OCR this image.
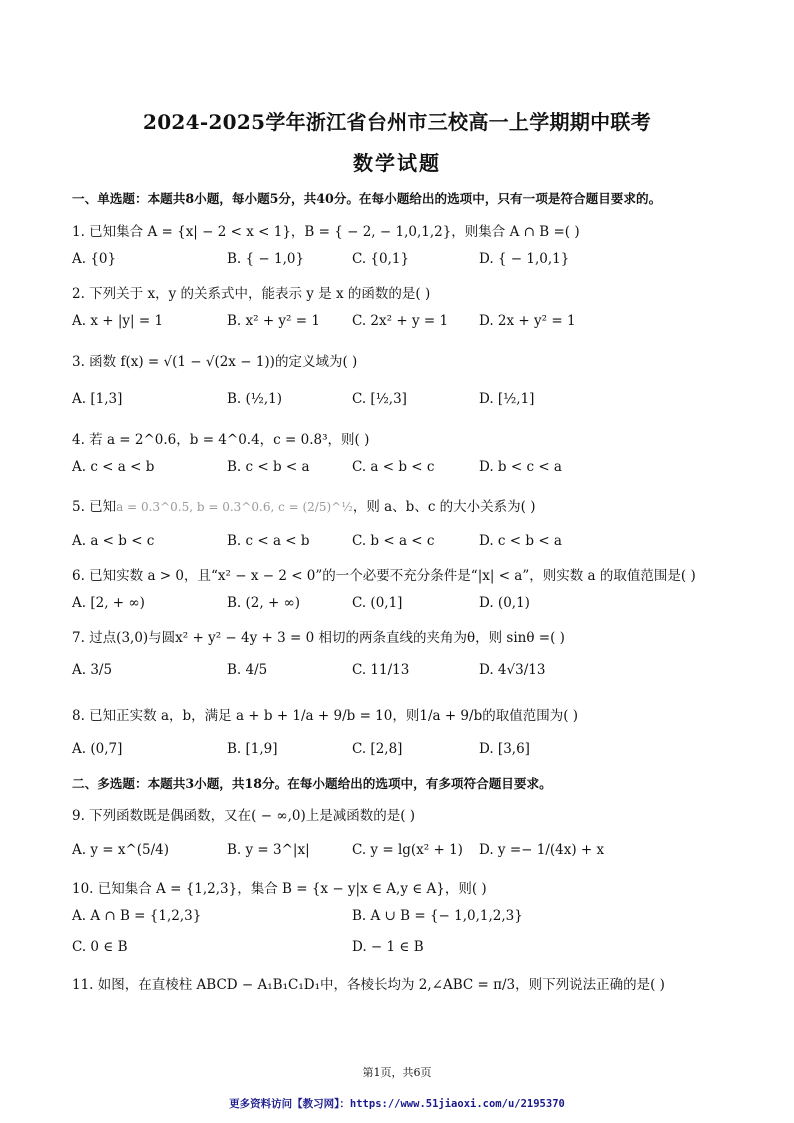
2024-2025学年浙江省台州市三校高一上学期期中联考
数学试题
一、单选题：本题共8小题，每小题5分，共40分。在每小题给出的选项中，只有一项是符合题目要求的。
1. 已知集合 A = {x| − 2 < x < 1}，B = { − 2, − 1,0,1,2}，则集合 A ∩ B =( )
A. {0}	B. { − 1,0}	C. {0,1}	D. { − 1,0,1}
2. 下列关于 x，y 的关系式中，能表示 y 是 x 的函数的是( )
A. x + |y| = 1	B. x² + y² = 1 C. 2x² + y = 1 D. 2x + y² = 1
3. 函数 f(x) = √(1 − √(2x − 1))的定义域为( )
A. [1,3]	B. (½,1)	C. [½,3]	D. [½,1]
4. 若 a = 2^0.6，b = 4^0.4，c = 0.8³，则( )
A. c < a < b	B. c < b < a	C. a < b < c	D. b < c < a
5. 已知a = 0.3^0.5, b = 0.3^0.6, c = (2/5)^½，则 a、b、c 的大小关系为( )
A. a < b < c	B. c < a < b	C. b < a < c	D. c < b < a
6. 已知实数 a > 0，且“x² − x − 2 < 0”的一个必要不充分条件是“|x| < a”，则实数 a 的取值范围是( )
A. [2, + ∞)	B. (2, + ∞)	C. (0,1]	D. (0,1)
7. 过点(3,0)与圆x² + y² − 4y + 3 = 0 相切的两条直线的夹角为θ，则 sinθ =( )
A. 3/5	B. 4/5	C. 11/13	D. 4√3/13
8. 已知正实数 a，b，满足 a + b + 1/a + 9/b = 10，则1/a + 9/b的取值范围为( )
A. (0,7]	B. [1,9]	C. [2,8]	D. [3,6]
二、多选题：本题共3小题，共18分。在每小题给出的选项中，有多项符合题目要求。
9. 下列函数既是偶函数，又在( − ∞,0)上是减函数的是( )
A. y = x^(5/4)	B. y = 3^|x|	C. y = lg(x² + 1) D. y =− 1/(4x) + x
10. 已知集合 A = {1,2,3}，集合 B = {x − y|x ∈ A,y ∈ A}，则( )
A. A ∩ B = {1,2,3}	B. A ∪ B = {− 1,0,1,2,3}
C. 0 ∈ B	D. − 1 ∈ B
11. 如图，在直棱柱 ABCD − A₁B₁C₁D₁中，各棱长均为 2,∠ABC = π/3，则下列说法正确的是( )
第1页，共6页
更多资料访问【教习网】：https://www.51jiaoxi.com/u/2195370
